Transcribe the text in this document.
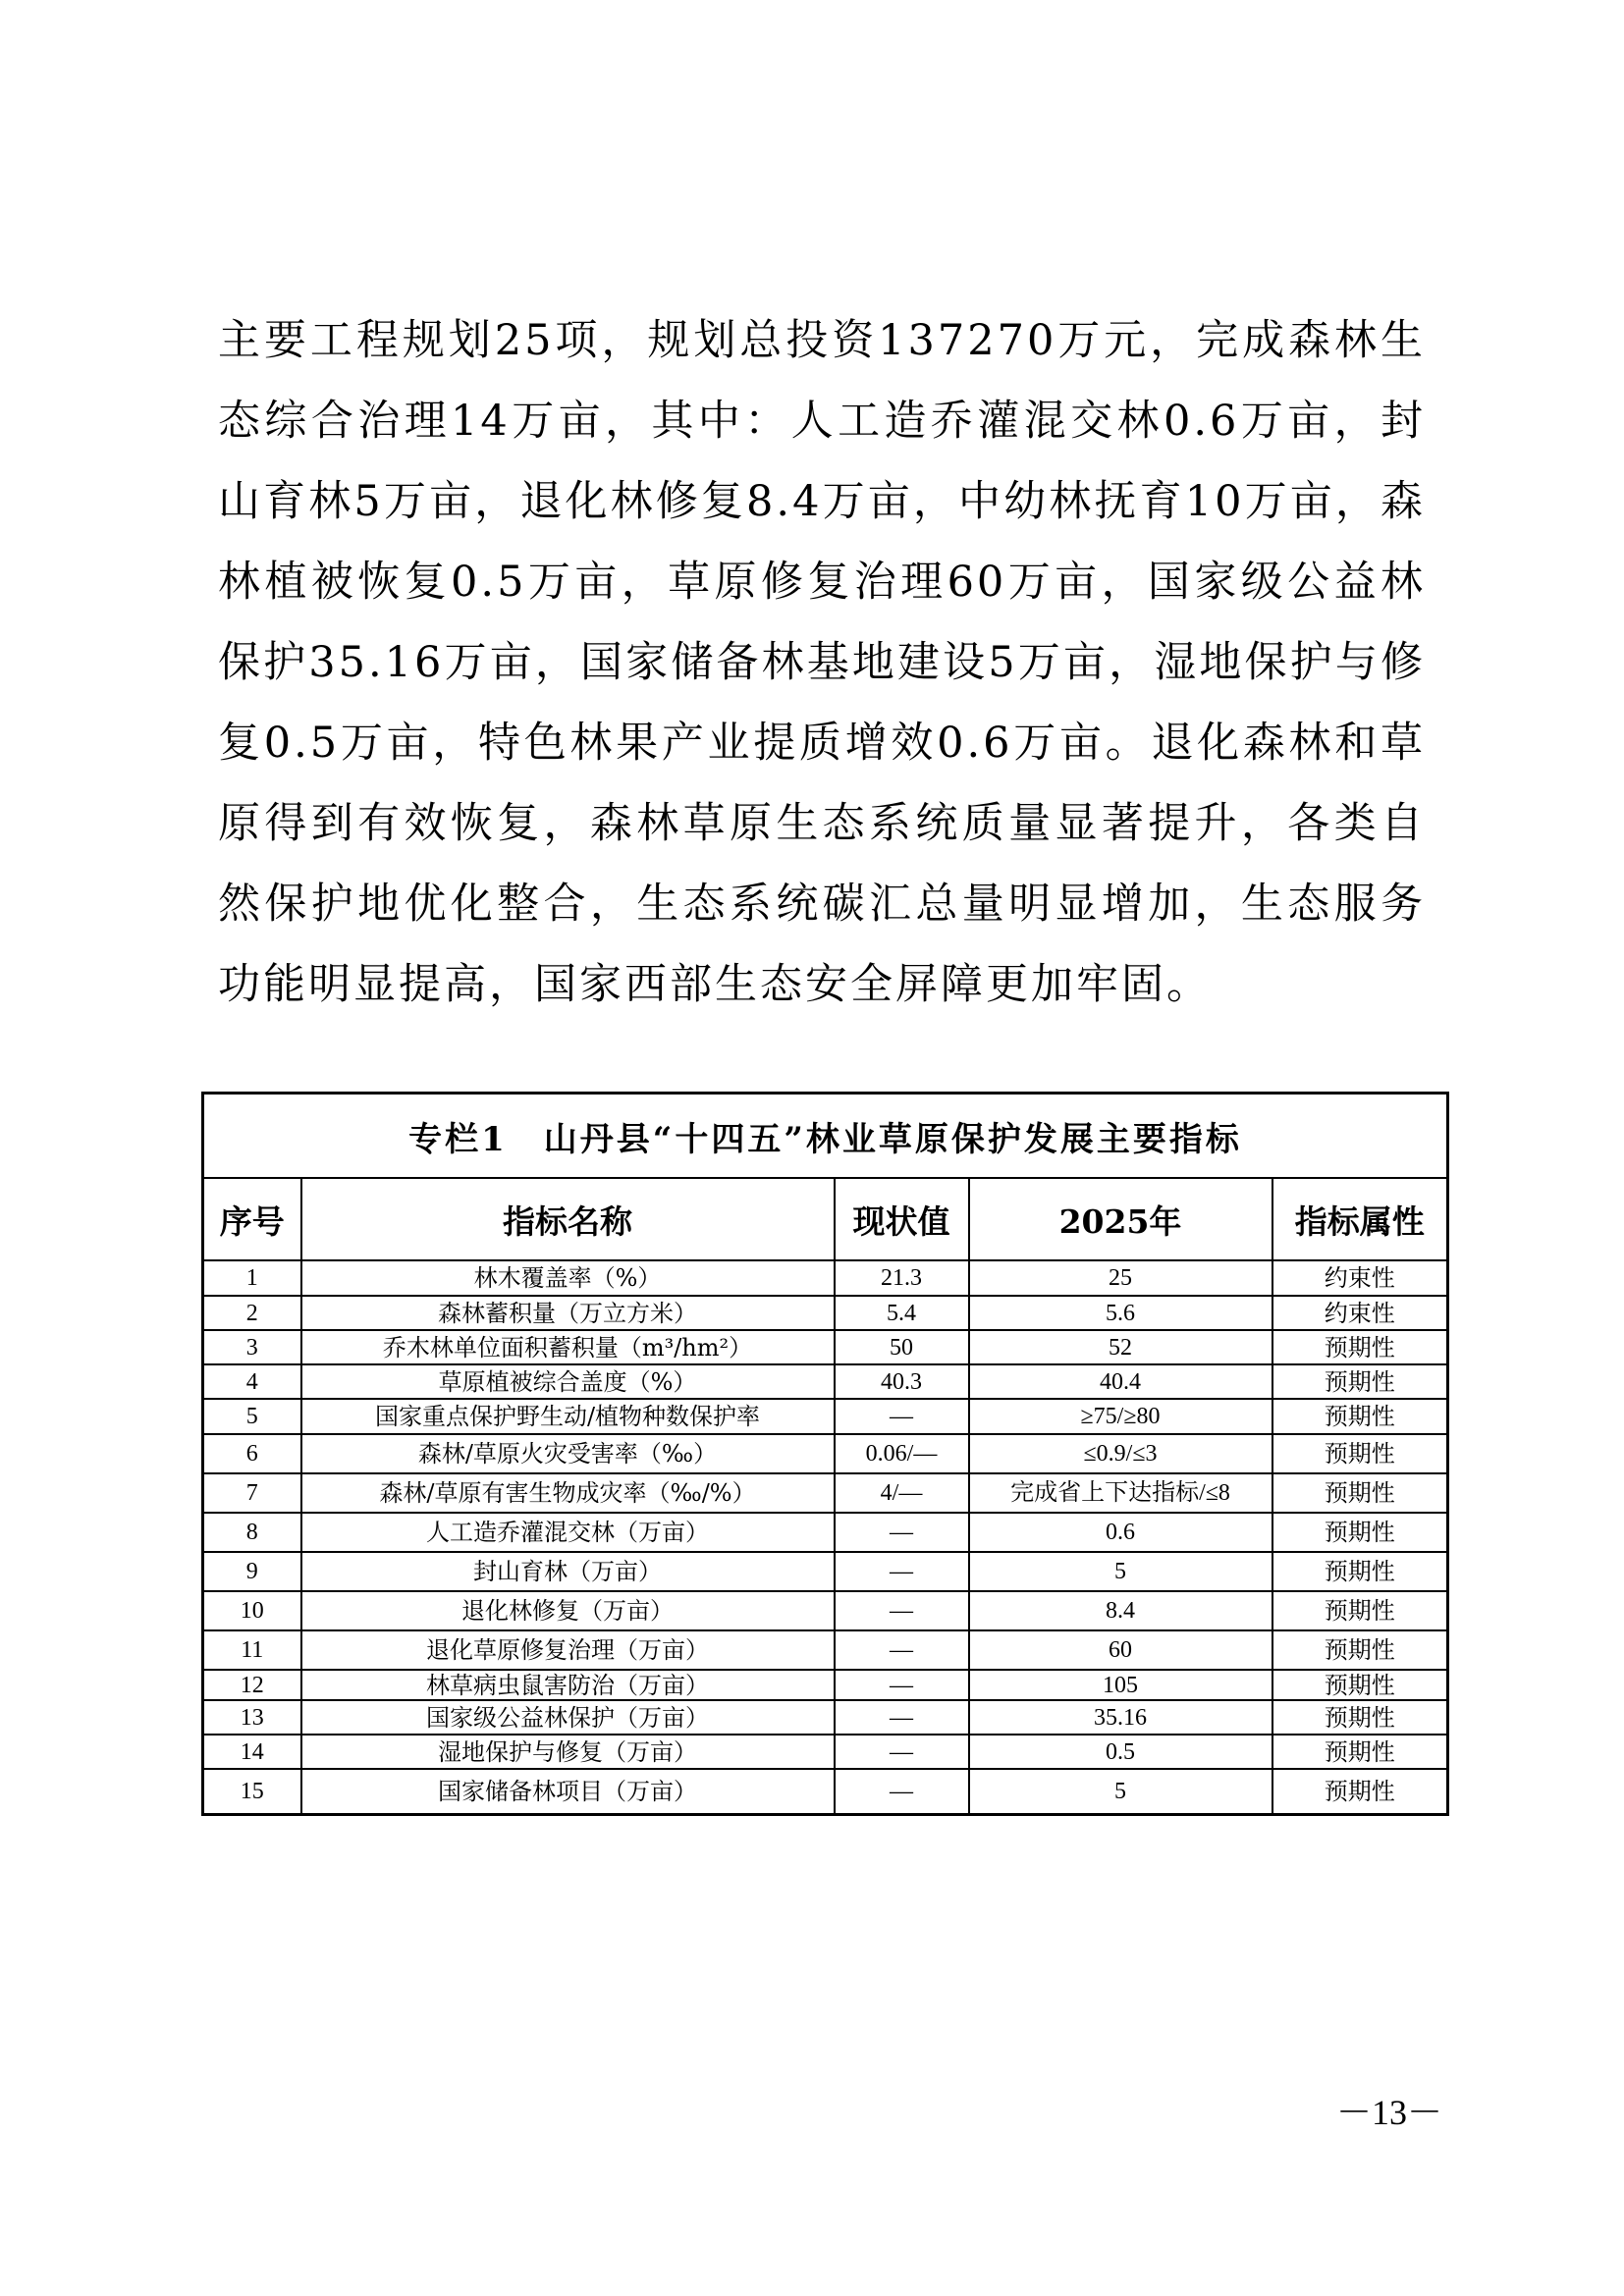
主要工程规划25项，规划总投资137270万元，完成森林生态综合治理14万亩，其中：人工造乔灌混交林0.6万亩，封山育林5万亩，退化林修复8.4万亩，中幼林抚育10万亩，森林植被恢复0.5万亩，草原修复治理60万亩，国家级公益林保护35.16万亩，国家储备林基地建设5万亩，湿地保护与修复0.5万亩，特色林果产业提质增效0.6万亩。退化森林和草原得到有效恢复，森林草原生态系统质量显著提升，各类自然保护地优化整合，生态系统碳汇总量明显增加，生态服务功能明显提高，国家西部生态安全屏障更加牢固。

专栏1　山丹县“十四五”林业草原保护发展主要指标				
序号	指标名称	现状值	2025年	指标属性
1	林木覆盖率（%）	21.3	25	约束性
2	森林蓄积量（万立方米）	5.4	5.6	约束性
3	乔木林单位面积蓄积量（m³/hm²）	50	52	预期性
4	草原植被综合盖度（%）	40.3	40.4	预期性
5	国家重点保护野生动/植物种数保护率	—	≥75/≥80	预期性
6	森林/草原火灾受害率（‰）	0.06/—	≤0.9/≤3	预期性
7	森林/草原有害生物成灾率（‰/%）	4/—	完成省上下达指标/≤8	预期性
8	人工造乔灌混交林（万亩）	—	0.6	预期性
9	封山育林（万亩）	—	5	预期性
10	退化林修复（万亩）	—	8.4	预期性
11	退化草原修复治理（万亩）	—	60	预期性
12	林草病虫鼠害防治（万亩）	—	105	预期性
13	国家级公益林保护（万亩）	—	35.16	预期性
14	湿地保护与修复（万亩）	—	0.5	预期性
15	国家储备林项目（万亩）	—	5	预期性
－13－
